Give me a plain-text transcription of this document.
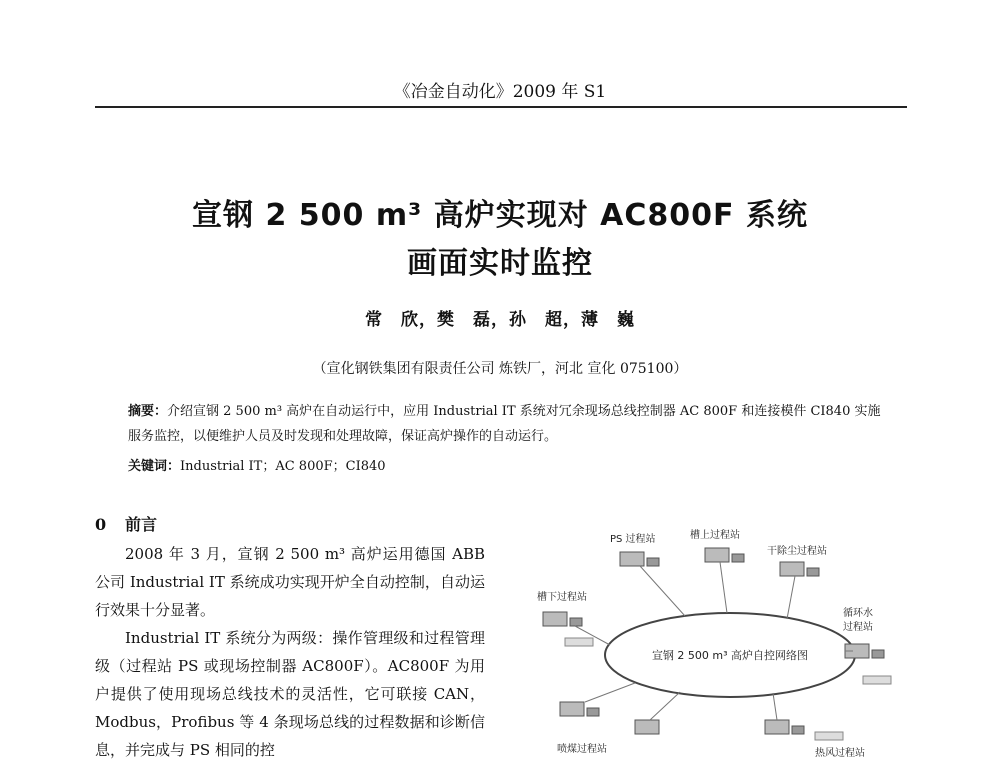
《冶金自动化》2009 年 S1
宣钢 2 500 m³ 高炉实现对 AC800F 系统
画面实时监控
常　欣，樊　磊，孙　超，薄　巍
（宣化钢铁集团有限责任公司 炼铁厂，河北 宣化 075100）
摘要：介绍宣钢 2 500 m³ 高炉在自动运行中，应用 Industrial IT 系统对冗余现场总线控制器 AC 800F 和连接模件 CI840 实施服务监控，以便维护人员及时发现和处理故障，保证高炉操作的自动运行。
关键词：Industrial IT；AC 800F；CI840
0 前言

2008 年 3 月，宣钢 2 500 m³ 高炉运用德国 ABB 公司 Industrial IT 系统成功实现开炉全自动控制，自动运行效果十分显著。

Industrial IT 系统分为两级：操作管理级和过程管理级（过程站 PS 或现场控制器 AC800F）。AC800F 为用户提供了使用现场总线技术的灵活性，它可联接 CAN，Modbus，Profibus 等 4 条现场总线的过程数据和诊断信息，并完成与 PS 相同的控

宣钢 2 500 m³ 高炉自控网络图
PS 过程站	槽上过程站
干除尘过程站
槽下过程站
循环水
过程站
喷煤过程站	热风过程站
